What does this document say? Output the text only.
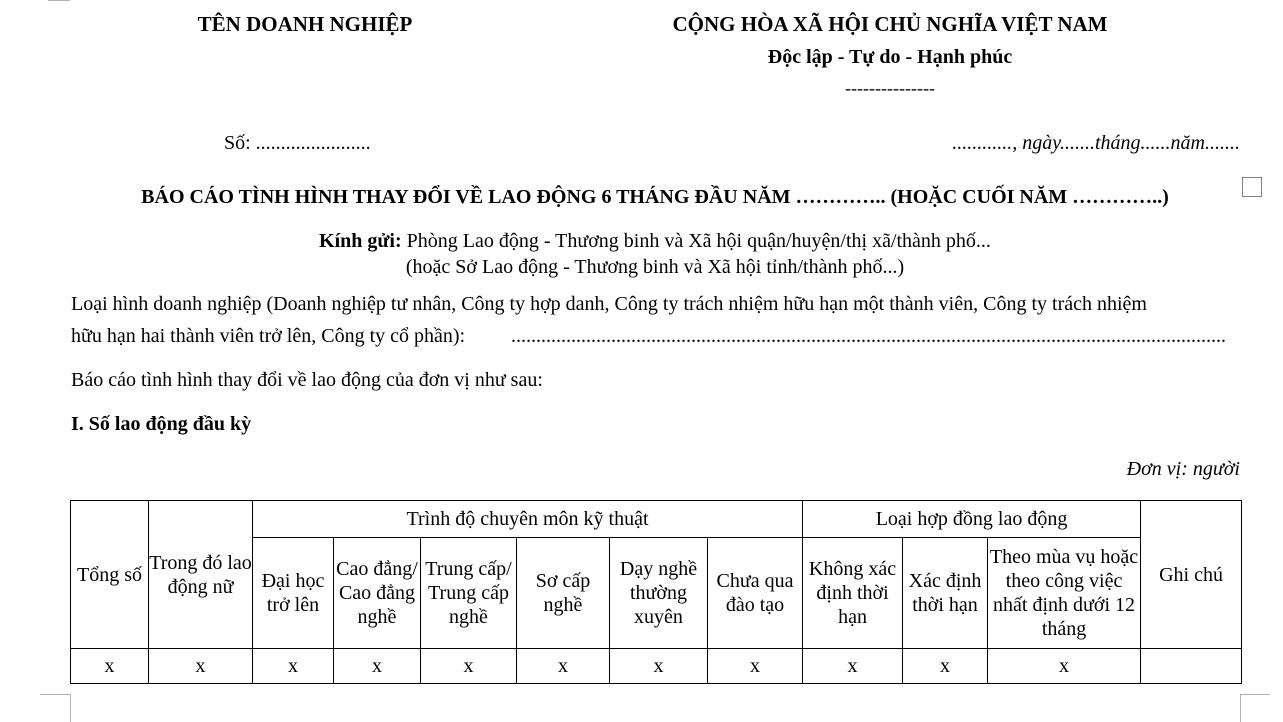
TÊN DOANH NGHIỆP	CỘNG HÒA XÃ HỘI CHỦ NGHĨA VIỆT NAM
Độc lập - Tự do - Hạnh phúc
---------------
Số: .......................	............, ngày.......tháng......năm.......
BÁO CÁO TÌNH HÌNH THAY ĐỔI VỀ LAO ĐỘNG 6 THÁNG ĐẦU NĂM ………….. (HOẶC CUỐI NĂM …………..)
Kính gửi: Phòng Lao động - Thương binh và Xã hội quận/huyện/thị xã/thành phố...
(hoặc Sở Lao động - Thương binh và Xã hội tỉnh/thành phố...)
Loại hình doanh nghiệp (Doanh nghiệp tư nhân, Công ty hợp danh, Công ty trách nhiệm hữu hạn một thành viên, Công ty trách nhiệm
hữu hạn hai thành viên trở lên, Công ty cổ phần): ...............................................................................................................................................
Báo cáo tình hình thay đổi về lao động của đơn vị như sau:
I. Số lao động đầu kỳ
Đơn vị: người
Tổng số	Trong đó lao động nữ	Trình độ chuyên môn kỹ thuật						Loại hợp đồng lao động			Ghi chú
		Đại học trở lên	Cao đẳng/ Cao đẳng nghề	Trung cấp/ Trung cấp nghề	Sơ cấp nghề	Dạy nghề thường xuyên	Chưa qua đào tạo	Không xác định thời hạn	Xác định thời hạn	Theo mùa vụ hoặc theo công việc nhất định dưới 12 tháng	
x	x	x	x	x	x	x	x	x	x	x	
